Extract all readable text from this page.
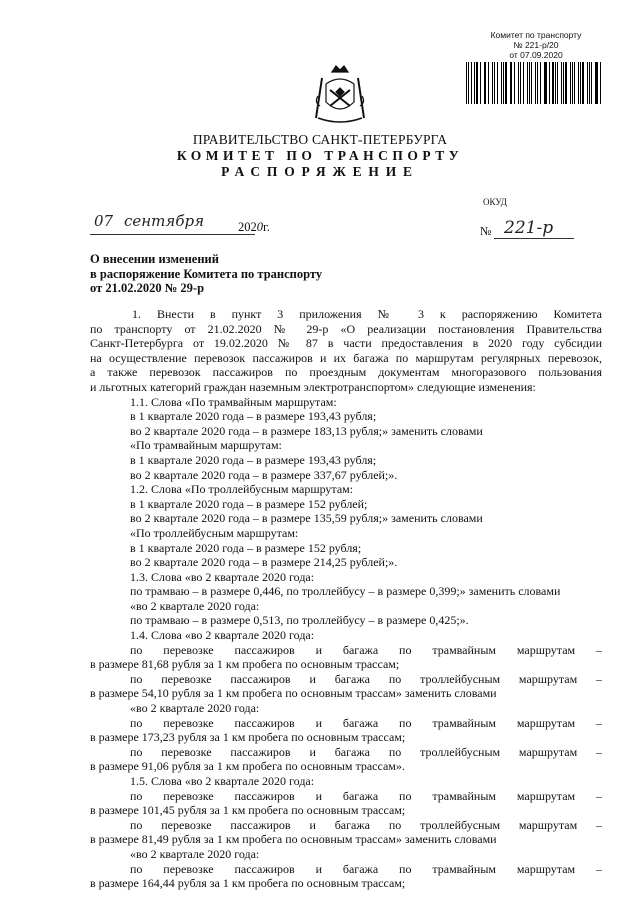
Комитет по транспорту
№ 221-р/20
от 07.09.2020
ПРАВИТЕЛЬСТВО САНКТ-ПЕТЕРБУРГА
КОМИТЕТ ПО ТРАНСПОРТУ
РАСПОРЯЖЕНИЕ
ОКУД
07 сентября	2020г.	№ 221-р
О внесении изменений
в распоряжение Комитета по транспорту
от 21.02.2020 № 29-р
1. Внести в пункт 3 приложения № 3 к распоряжению Комитета
по транспорту от 21.02.2020 № 29-р «О реализации постановления Правительства
Санкт-Петербурга от 19.02.2020 № 87 в части предоставления в 2020 году субсидии
на осуществление перевозок пассажиров и их багажа по маршрутам регулярных перевозок,
а также перевозок пассажиров по проездным документам многоразового пользования
и льготных категорий граждан наземным электротранспортом» следующие изменения:
1.1. Слова «По трамвайным маршрутам:
в 1 квартале 2020 года – в размере 193,43 рубля;
во 2 квартале 2020 года – в размере 183,13 рубля;» заменить словами
«По трамвайным маршрутам:
в 1 квартале 2020 года – в размере 193,43 рубля;
во 2 квартале 2020 года – в размере 337,67 рублей;».
1.2. Слова «По троллейбусным маршрутам:
в 1 квартале 2020 года – в размере 152 рублей;
во 2 квартале 2020 года – в размере 135,59 рубля;» заменить словами
«По троллейбусным маршрутам:
в 1 квартале 2020 года – в размере 152 рубля;
во 2 квартале 2020 года – в размере 214,25 рублей;».
1.3. Слова «во 2 квартале 2020 года:
по трамваю – в размере 0,446, по троллейбусу – в размере 0,399;» заменить словами
«во 2 квартале 2020 года:
по трамваю – в размере 0,513, по троллейбусу – в размере 0,425;».
1.4. Слова «во 2 квартале 2020 года:
по перевозке пассажиров и багажа по трамвайным маршрутам –
в размере 81,68 рубля за 1 км пробега по основным трассам;
по перевозке пассажиров и багажа по троллейбусным маршрутам –
в размере 54,10 рубля за 1 км пробега по основным трассам» заменить словами
«во 2 квартале 2020 года:
по перевозке пассажиров и багажа по трамвайным маршрутам –
в размере 173,23 рубля за 1 км пробега по основным трассам;
по перевозке пассажиров и багажа по троллейбусным маршрутам –
в размере 91,06 рубля за 1 км пробега по основным трассам».
1.5. Слова «во 2 квартале 2020 года:
по перевозке пассажиров и багажа по трамвайным маршрутам –
в размере 101,45 рубля за 1 км пробега по основным трассам;
по перевозке пассажиров и багажа по троллейбусным маршрутам –
в размере 81,49 рубля за 1 км пробега по основным трассам» заменить словами
«во 2 квартале 2020 года:
по перевозке пассажиров и багажа по трамвайным маршрутам –
в размере 164,44 рубля за 1 км пробега по основным трассам;
